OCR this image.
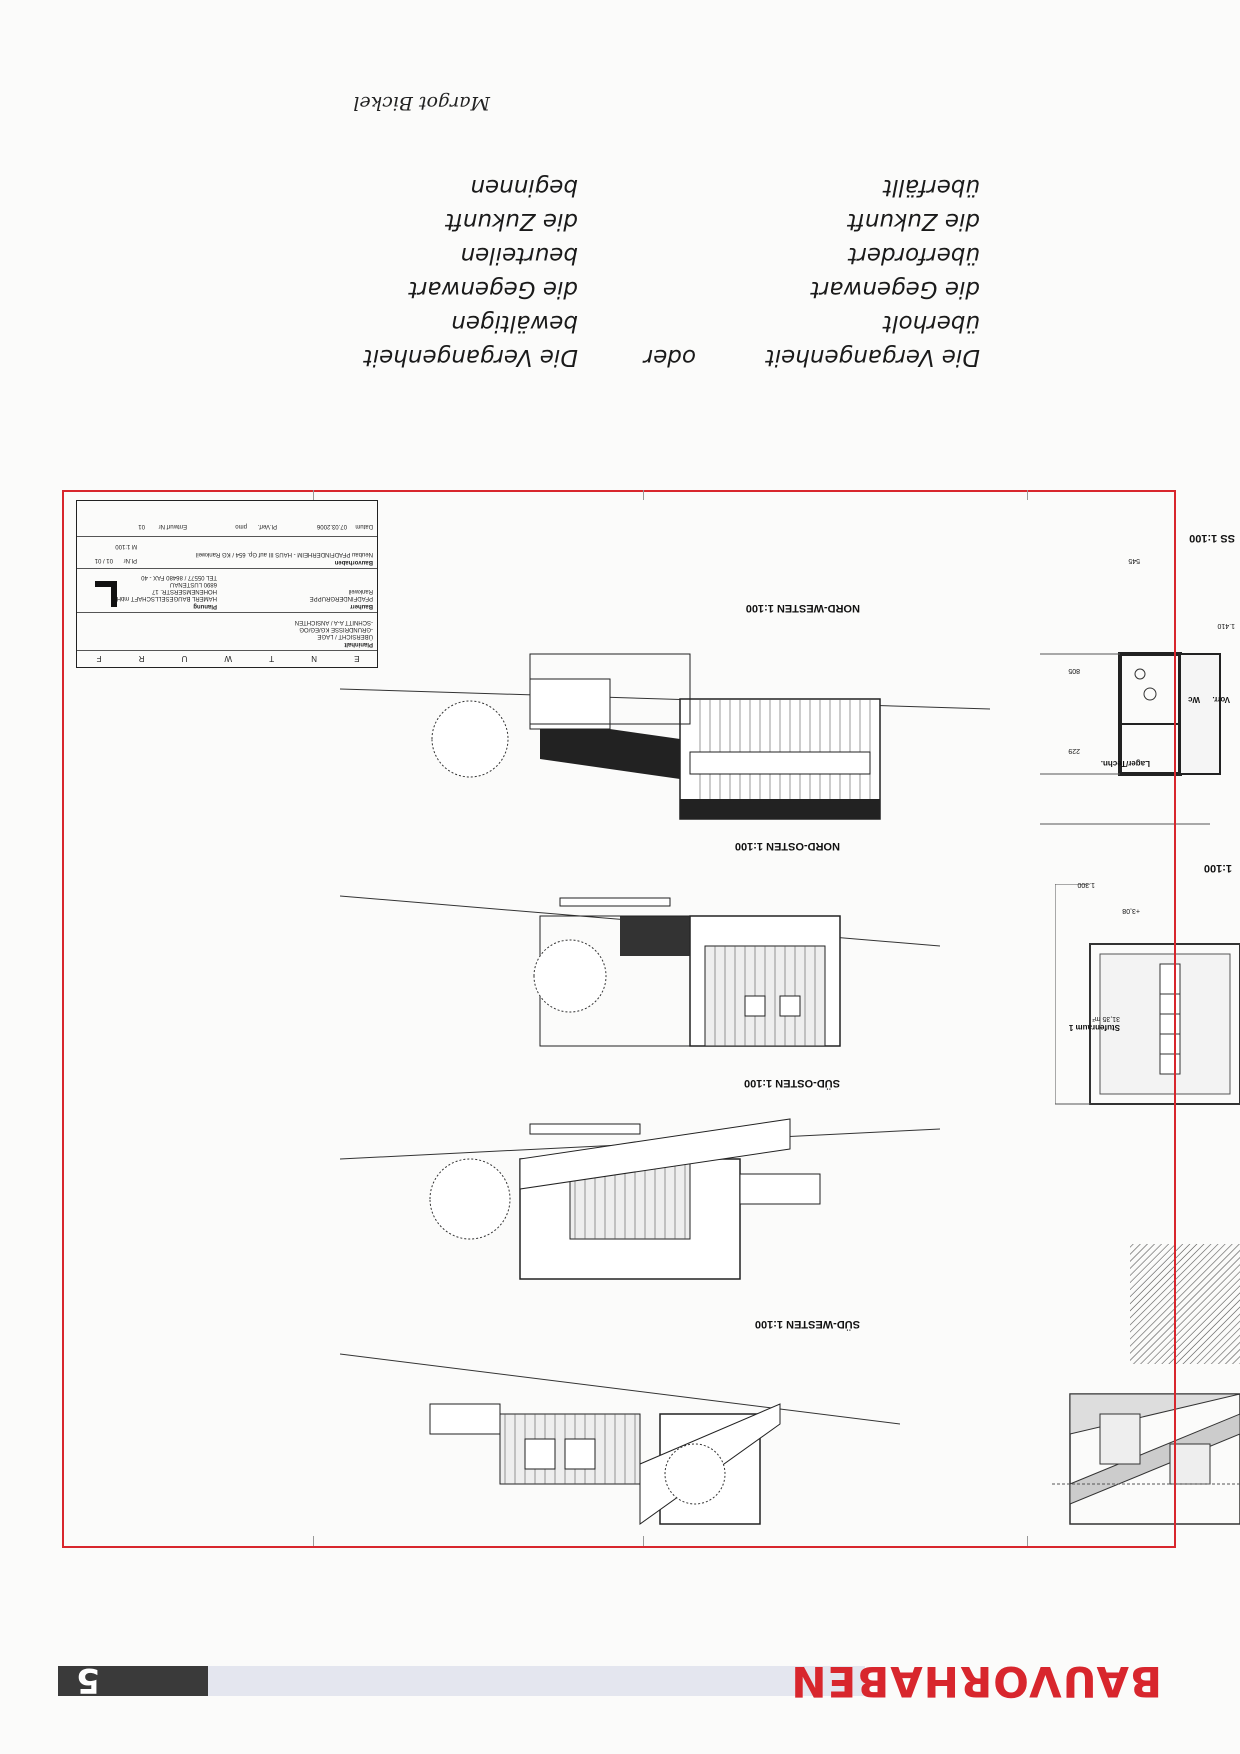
BAUVORHABEN
5
Stufenraum 1
31,35 m²
+3,08
1.300
1:100
Lager/Techn.
Wc Vorr.
229
805
545
1.410
SS 1:100
SÜD-WESTEN 1:100
SÜD-OSTEN 1:100
NORD-OSTEN 1:100
NORD-WESTEN 1:100
E
N
T
W
U
R
F
Planinhalt
ÜBERSICHT / LAGE
-GRUNDRISSE KG/EG/OG
-SCHNITT A-A / ANSICHTEN
Bauherr
PFADFINDERGRUPPE
Rankweil
Planung
HAMERL BAUGESELLSCHAFT mbH
HOHENEMSERSTR. 17
6890 LUSTENAU
TEL 05577 / 86480 FAX - 40
Bauvorhaben
Neubau PFADFINDERHEIM - HAUS III auf Gp. 654 / KG Rankweil
Pl.Nr
01 / 01
M 1:100
Datum
07.03.2006
Pl.Verf.
pmo
Entwurf Nr
01
Die Vergangenheit
überholt
die Gegenwart
überfordert
die Zukunft
überfällt
oder
Die Vergangenheit
bewältigen
die Gegenwart
beurteilen
die Zukunft
beginnen
Margot Bickel
